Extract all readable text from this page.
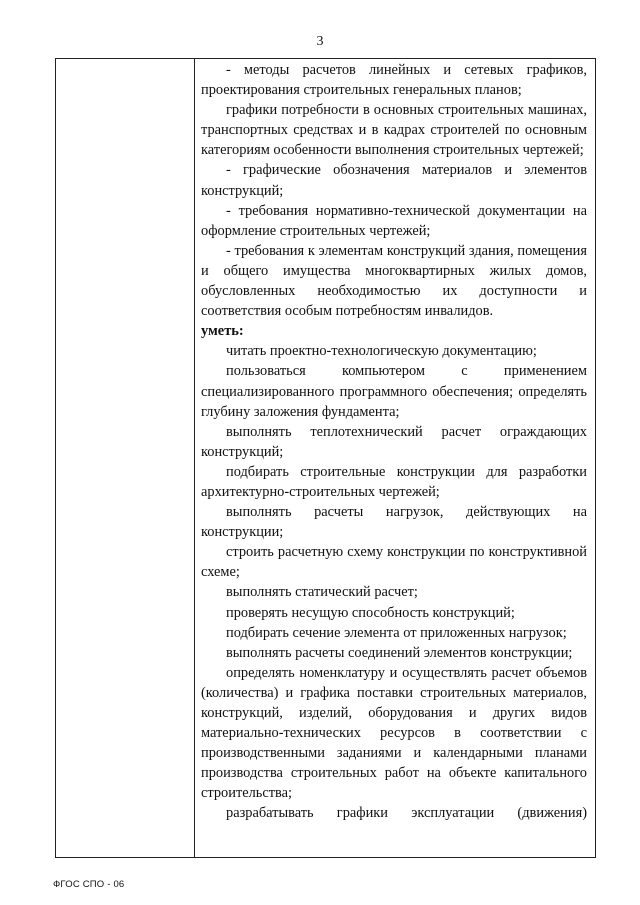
3

- методы расчетов линейных и сетевых графиков, проектирования строительных генеральных планов;

графики потребности в основных строительных машинах, транспортных средствах и в кадрах строителей по основным категориям особенности выполнения строительных чертежей;

- графические обозначения материалов и элементов конструкций;

- требования нормативно-технической документации на оформление строительных чертежей;

- требования к элементам конструкций здания, помещения и общего имущества многоквартирных жилых домов, обусловленных необходимостью их доступности и соответствия особым потребностям инвалидов.

уметь:

читать проектно-технологическую документацию;

пользоваться компьютером с применением специализированного программного обеспечения; определять глубину заложения фундамента;

выполнять теплотехнический расчет ограждающих конструкций;

подбирать строительные конструкции для разработки архитектурно-строительных чертежей;

выполнять расчеты нагрузок, действующих на конструкции;

строить расчетную схему конструкции по конструктивной схеме;

выполнять статический расчет;

проверять несущую способность конструкций;

подбирать сечение элемента от приложенных нагрузок;

выполнять расчеты соединений элементов конструкции;

определять номенклатуру и осуществлять расчет объемов (количества) и графика поставки строительных материалов, конструкций, изделий, оборудования и других видов материально-технических ресурсов в соответствии с производственными заданиями и календарными планами производства строительных работ на объекте капитального строительства;

разрабатывать графики эксплуатации (движения)

ФГОС СПО - 06
